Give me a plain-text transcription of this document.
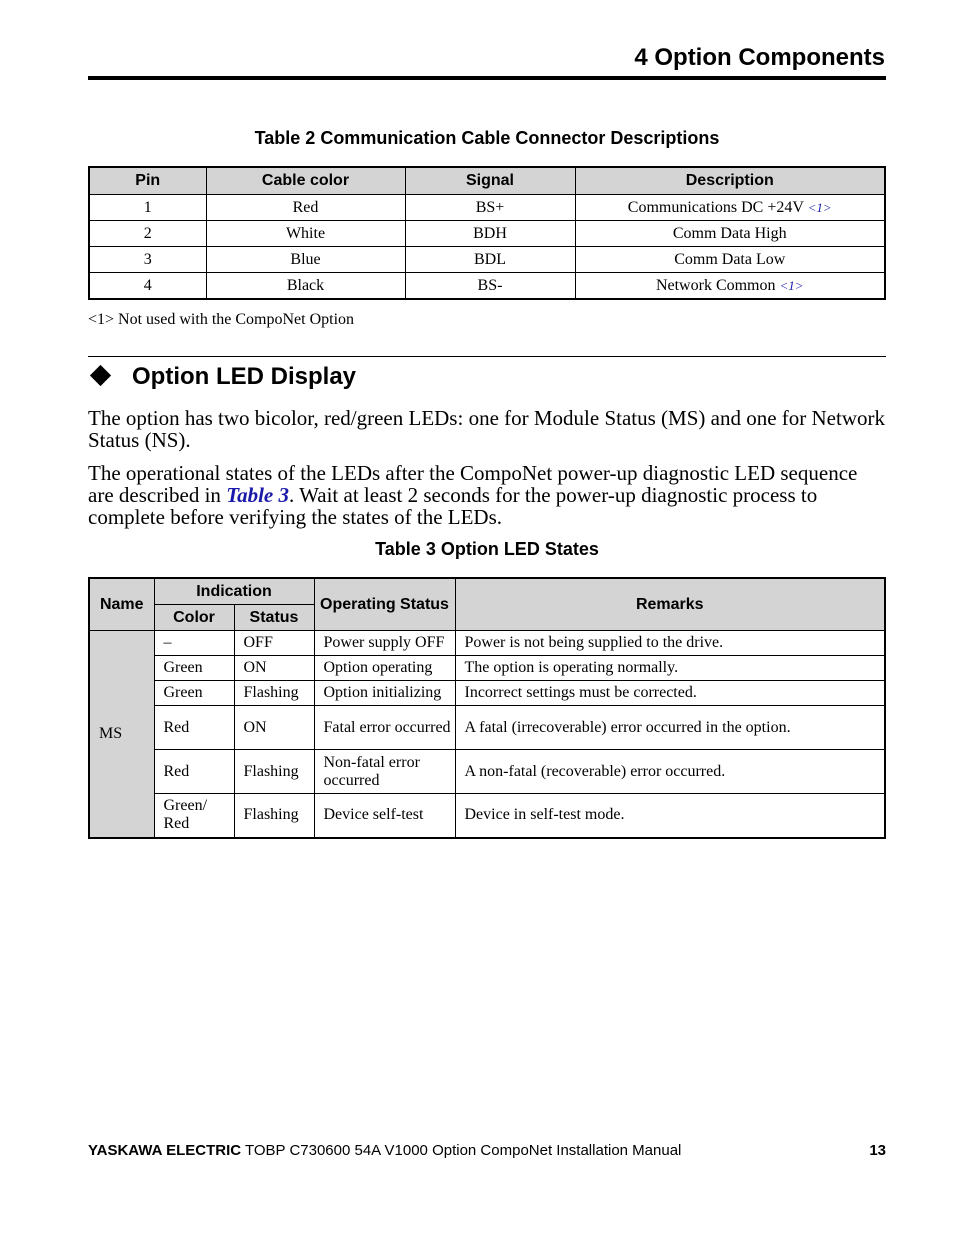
4 Option Components
Table 2 Communication Cable Connector Descriptions
Pin	Cable color	Signal	Description
1	Red	BS+	Communications DC +24V <1>
2	White	BDH	Comm Data High
3	Blue	BDL	Comm Data Low
4	Black	BS-	Network Common <1>
<1> Not used with the CompoNet Option
Option LED Display

The option has two bicolor, red/green LEDs: one for Module Status (MS) and one for Network Status (NS).

The operational states of the LEDs after the CompoNet power-up diagnostic LED sequence are described in Table 3. Wait at least 2 seconds for the power-up diagnostic process to complete before verifying the states of the LEDs.

Table 3 Option LED States
Name	Indication		Operating Status	Remarks
	Color	Status		
MS	–	OFF	Power supply OFF	Power is not being supplied to the drive.
	Green	ON	Option operating	The option is operating normally.
	Green	Flashing	Option initializing	Incorrect settings must be corrected.
	Red	ON	Fatal error occurred	A fatal (irrecoverable) error occurred in the option.
	Red	Flashing	Non-fatal error occurred	A non-fatal (recoverable) error occurred.
	Green/ Red	Flashing	Device self-test	Device in self-test mode.
YASKAWA ELECTRIC TOBP C730600 54A V1000 Option CompoNet Installation Manual	13
